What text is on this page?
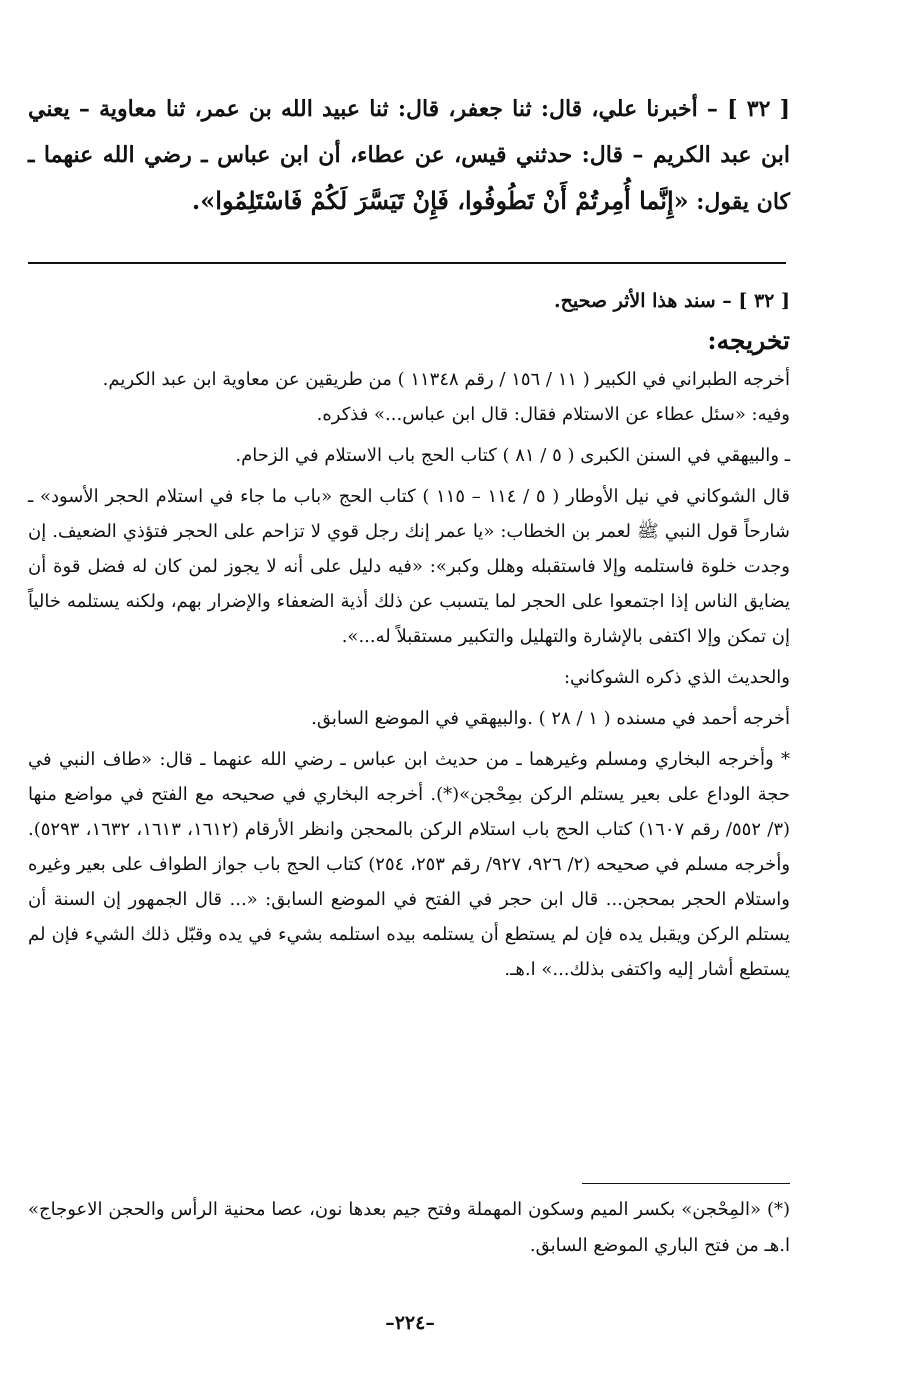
[ ٣٢ ] – أخبرنا علي، قال: ثنا جعفر، قال: ثنا عبيد الله بن عمر، ثنا معاوية – يعني ابن عبد الكريم – قال: حدثني قيس، عن عطاء، أن ابن عباس ـ رضي الله عنهما ـ كان يقول: «إِنَّما أُمِرتُمْ أَنْ تَطُوفُوا، فَإِنْ تَيَسَّرَ لَكُمْ فَاسْتَلِمُوا».

[ ٣٢ ] – سند هذا الأثر صحيح.

تخريجه:

أخرجه الطبراني في الكبير ( ١١ / ١٥٦ / رقم ١١٣٤٨ ) من طريقين عن معاوية ابن عبد الكريم.

وفيه: «سئل عطاء عن الاستلام فقال: قال ابن عباس...» فذكره.

ـ والبيهقي في السنن الكبرى ( ٥ / ٨١ ) كتاب الحج باب الاستلام في الزحام.

قال الشوكاني في نيل الأوطار ( ٥ / ١١٤ – ١١٥ ) كتاب الحج «باب ما جاء في استلام الحجر الأسود» ـ شارحاً قول النبي ﷺ لعمر بن الخطاب: «يا عمر إنك رجل قوي لا تزاحم على الحجر فتؤذي الضعيف. إن وجدت خلوة فاستلمه وإلا فاستقبله وهلل وكبر»: «فيه دليل على أنه لا يجوز لمن كان له فضل قوة أن يضايق الناس إذا اجتمعوا على الحجر لما يتسبب عن ذلك أذية الضعفاء والإضرار بهم، ولكنه يستلمه خالياً إن تمكن وإلا اكتفى بالإشارة والتهليل والتكبير مستقبلاً له...».

والحديث الذي ذكره الشوكاني:

أخرجه أحمد في مسنده ( ١ / ٢٨ ) .والبيهقي في الموضع السابق.

* وأخرجه البخاري ومسلم وغيرهما ـ من حديث ابن عباس ـ رضي الله عنهما ـ قال: «طاف النبي في حجة الوداع على بعير يستلم الركن بمِحْجن»(*). أخرجه البخاري في صحيحه مع الفتح في مواضع منها (٣/ ٥٥٢/ رقم ١٦٠٧) كتاب الحج باب استلام الركن بالمحجن وانظر الأرقام (١٦١٢، ١٦١٣، ١٦٣٢، ٥٢٩٣). وأخرجه مسلم في صحيحه (٢/ ٩٢٦، ٩٢٧/ رقم ٢٥٣، ٢٥٤) كتاب الحج باب جواز الطواف على بعير وغيره واستلام الحجر بمحجن... قال ابن حجر في الفتح في الموضع السابق: «... قال الجمهور إن السنة أن يستلم الركن ويقبل يده فإن لم يستطع أن يستلمه بيده استلمه بشيء في يده وقبّل ذلك الشيء فإن لم يستطع أشار إليه واكتفى بذلك...» ا.هـ.

(*) «المِحْجن» بكسر الميم وسكون المهملة وفتح جيم بعدها نون، عصا محنية الرأس والحجن الاعوجاج» ا.هـ من فتح الباري الموضع السابق.

–٢٢٤–
